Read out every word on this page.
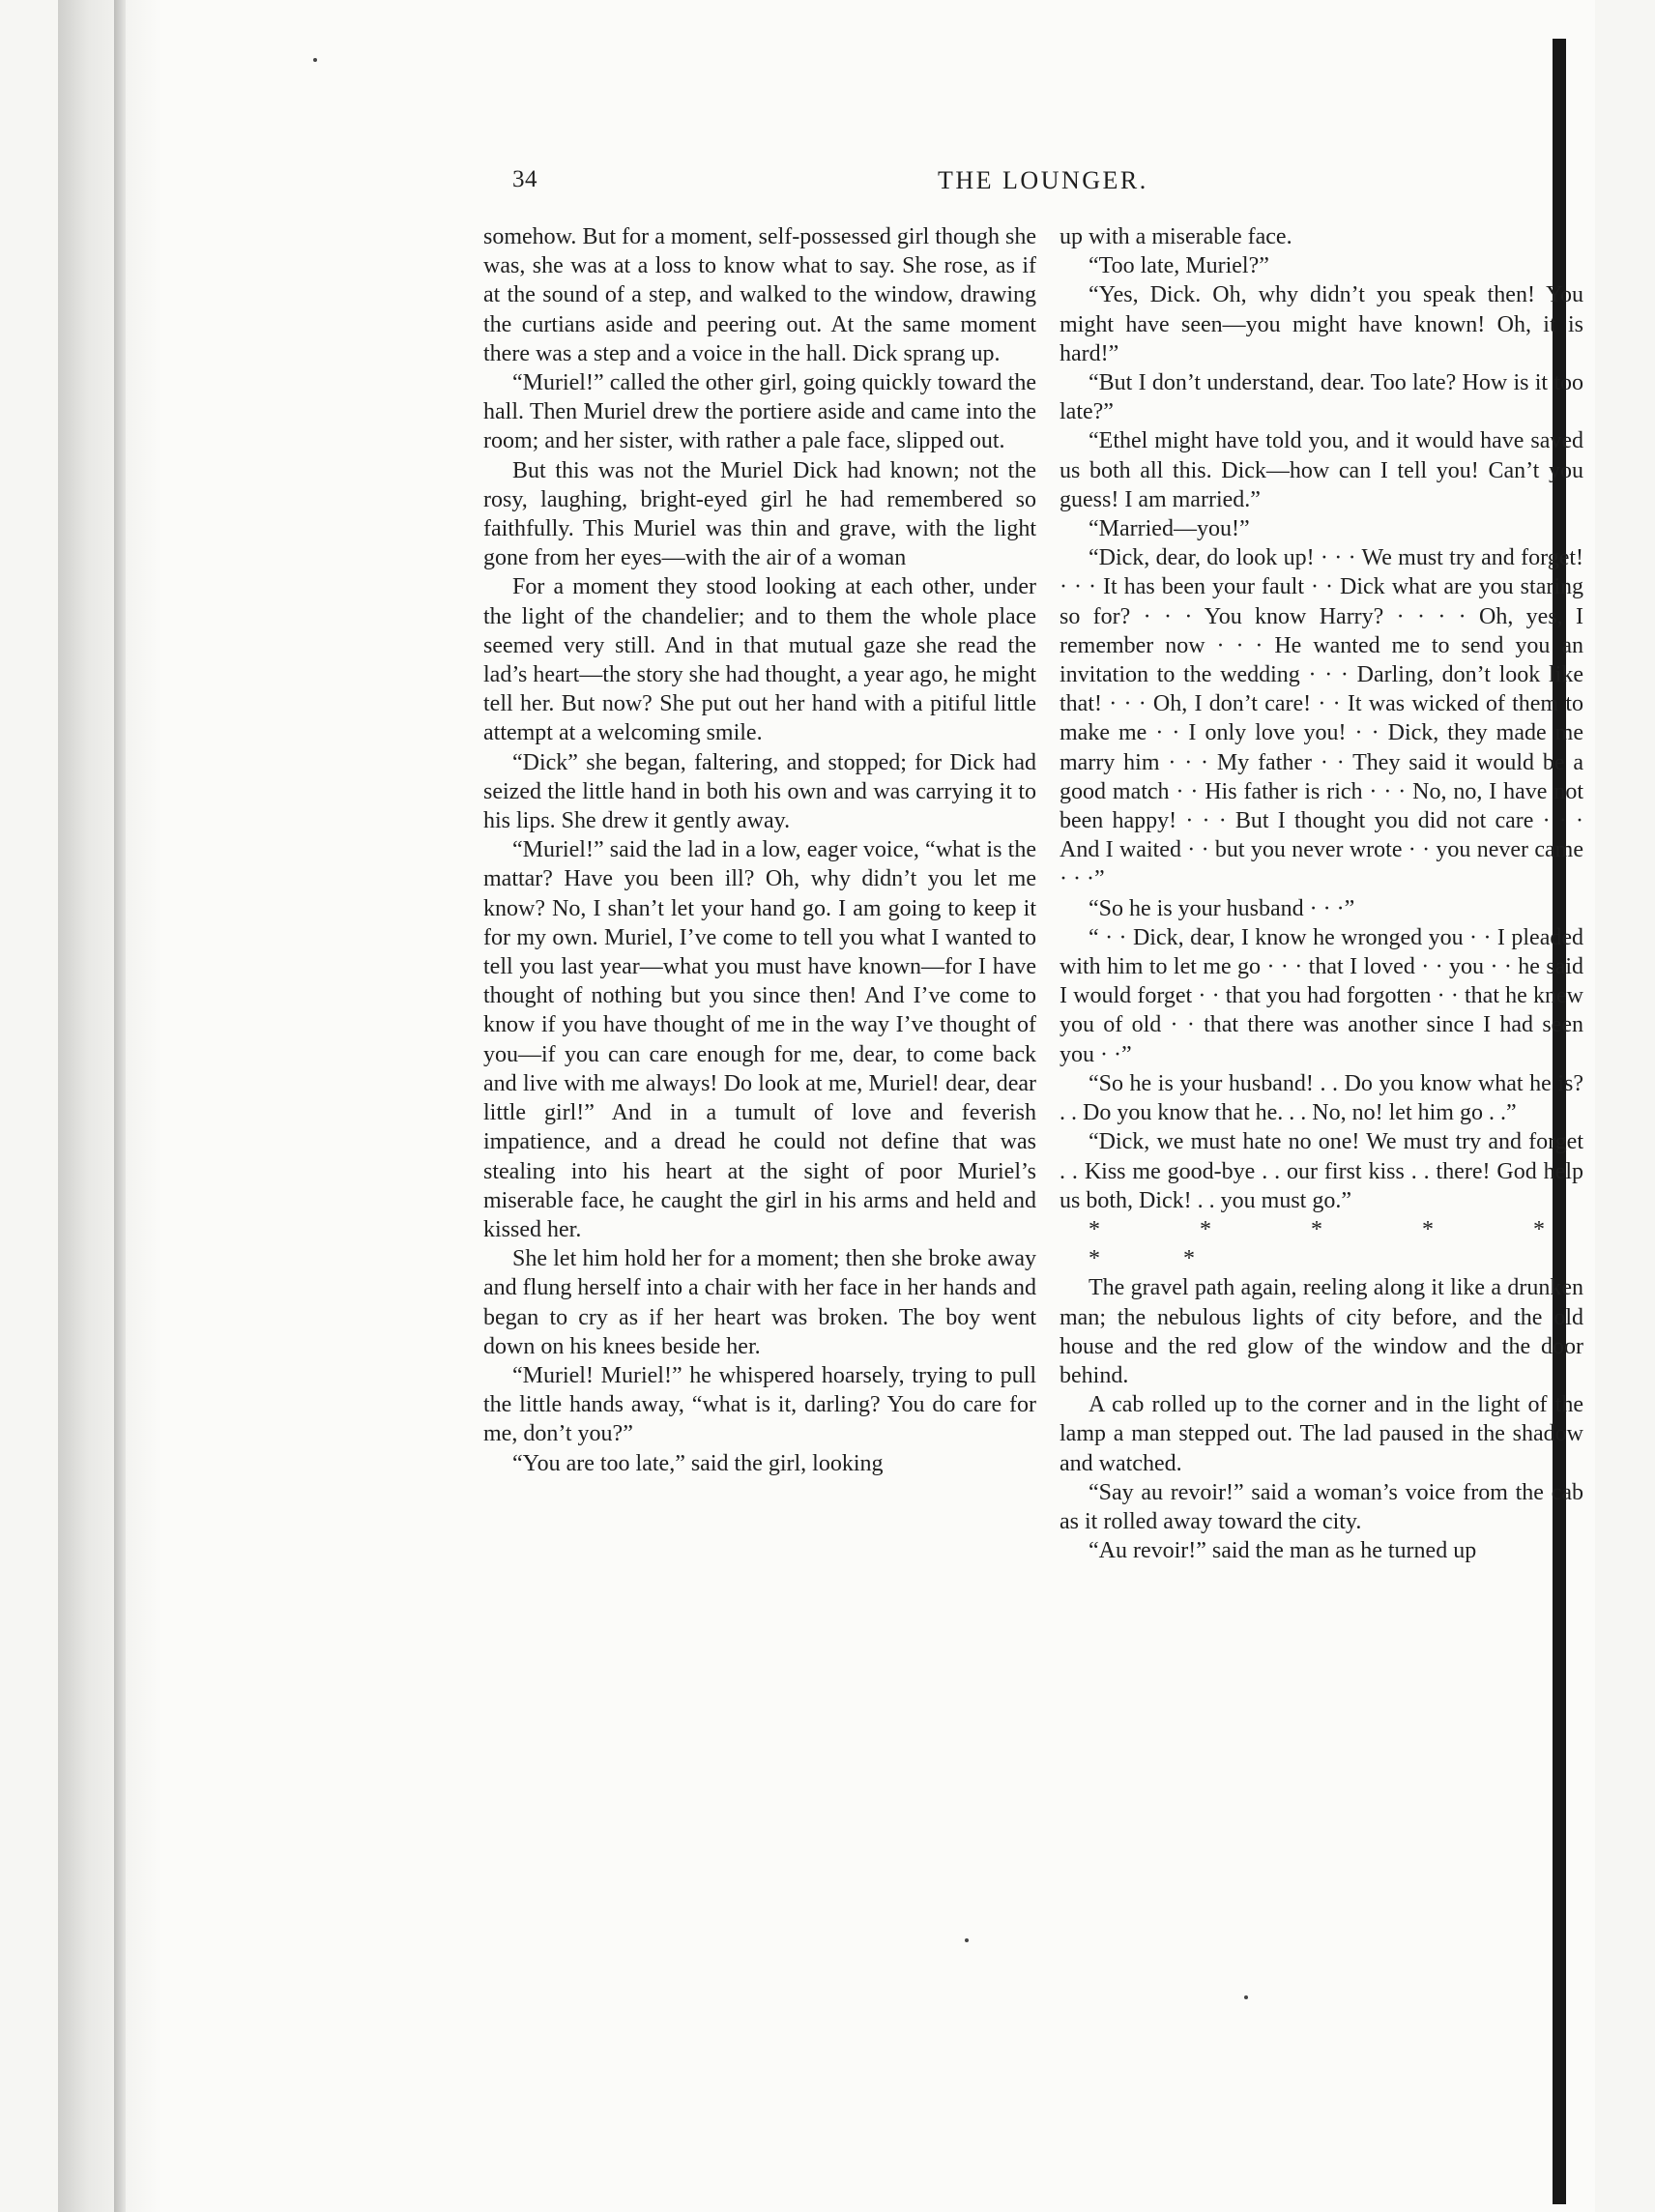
34	THE LOUNGER.

somehow. But for a moment, self-possessed girl though she was, she was at a loss to know what to say. She rose, as if at the sound of a step, and walked to the window, drawing the curtians aside and peering out. At the same moment there was a step and a voice in the hall. Dick sprang up.

“Muriel!” called the other girl, going quickly toward the hall. Then Muriel drew the portiere aside and came into the room; and her sister, with rather a pale face, slipped out.

But this was not the Muriel Dick had known; not the rosy, laughing, bright-eyed girl he had remembered so faithfully. This Muriel was thin and grave, with the light gone from her eyes—with the air of a woman

For a moment they stood looking at each other, under the light of the chandelier; and to them the whole place seemed very still. And in that mutual gaze she read the lad’s heart—the story she had thought, a year ago, he might tell her. But now? She put out her hand with a pitiful little attempt at a welcoming smile.

“Dick” she began, faltering, and stopped; for Dick had seized the little hand in both his own and was carrying it to his lips. She drew it gently away.

“Muriel!” said the lad in a low, eager voice, “what is the mattar? Have you been ill? Oh, why didn’t you let me know? No, I shan’t let your hand go. I am going to keep it for my own. Muriel, I’ve come to tell you what I wanted to tell you last year—what you must have known—for I have thought of nothing but you since then! And I’ve come to know if you have thought of me in the way I’ve thought of you—if you can care enough for me, dear, to come back and live with me always! Do look at me, Muriel! dear, dear little girl!” And in a tumult of love and feverish impatience, and a dread he could not define that was stealing into his heart at the sight of poor Muriel’s miserable face, he caught the girl in his arms and held and kissed her.

She let him hold her for a moment; then she broke away and flung herself into a chair with her face in her hands and began to cry as if her heart was broken. The boy went down on his knees beside her.

“Muriel! Muriel!” he whispered hoarsely, trying to pull the little hands away, “what is it, darling? You do care for me, don’t you?”

“You are too late,” said the girl, looking

up with a miserable face.

“Too late, Muriel?”

“Yes, Dick. Oh, why didn’t you speak then! You might have seen—you might have known! Oh, it is hard!”

“But I don’t understand, dear. Too late? How is it too late?”

“Ethel might have told you, and it would have saved us both all this. Dick—how can I tell you! Can’t you guess! I am married.”

“Married—you!”

“Dick, dear, do look up! · · · We must try and forget! · · · It has been your fault · · Dick what are you staring so for? · · · You know Harry? · · · · Oh, yes, I remember now · · · He wanted me to send you an invitation to the wedding · · · Darling, don’t look like that! · · · Oh, I don’t care! · · It was wicked of them to make me · · I only love you! · · Dick, they made me marry him · · · My father · · They said it would be a good match · · His father is rich · · · No, no, I have not been happy! · · · But I thought you did not care · · · And I waited · · but you never wrote · · you never came · · ·”

“So he is your husband · · ·”

“ · · Dick, dear, I know he wronged you · · I pleaded with him to let me go · · · that I loved · · you · · he said I would forget · · that you had forgotten · · that he knew you of old · · that there was another since I had seen you · ·”

“So he is your husband! . . Do you know what he is? . . Do you know that he. . . No, no! let him go . .”

“Dick, we must hate no one! We must try and forget . . Kiss me good-bye . . our first kiss . . there! God help us both, Dick! . . you must go.”

* * * * * * *

The gravel path again, reeling along it like a drunken man; the nebulous lights of city before, and the old house and the red glow of the window and the door behind.

A cab rolled up to the corner and in the light of the lamp a man stepped out. The lad paused in the shadow and watched.

“Say au revoir!” said a woman’s voice from the cab as it rolled away toward the city.

“Au revoir!” said the man as he turned up
